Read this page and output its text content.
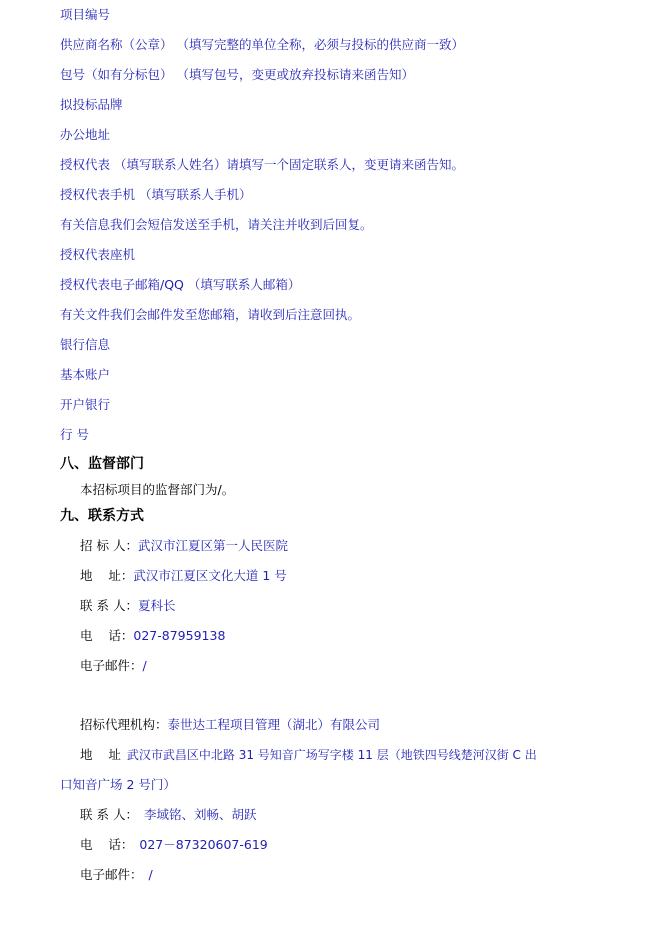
项目编号
供应商名称（公章） （填写完整的单位全称，必须与投标的供应商一致）
包号（如有分标包） （填写包号，变更或放弃投标请来函告知）
拟投标品牌
办公地址
授权代表 （填写联系人姓名）请填写一个固定联系人，变更请来函告知。
授权代表手机 （填写联系人手机）
有关信息我们会短信发送至手机，请关注并收到后回复。
授权代表座机
授权代表电子邮箱/QQ （填写联系人邮箱）
有关文件我们会邮件发至您邮箱，请收到后注意回执。
银行信息
基本账户
开户银行
行 号
八、监督部门
本招标项目的监督部门为/。
九、联系方式
招 标 人：武汉市江夏区第一人民医院
地    址：武汉市江夏区文化大道 1 号
联 系 人：夏科长
电    话：027-87959138
电子邮件：/
招标代理机构：泰世达工程项目管理（湖北）有限公司
地    址 武汉市武昌区中北路 31 号知音广场写字楼 11 层（地铁四号线楚河汉街 C 出
口知音广场 2 号门）
联 系 人： 李域铭、刘畅、胡跃
电    话： 027－87320607-619
电子邮件： /
